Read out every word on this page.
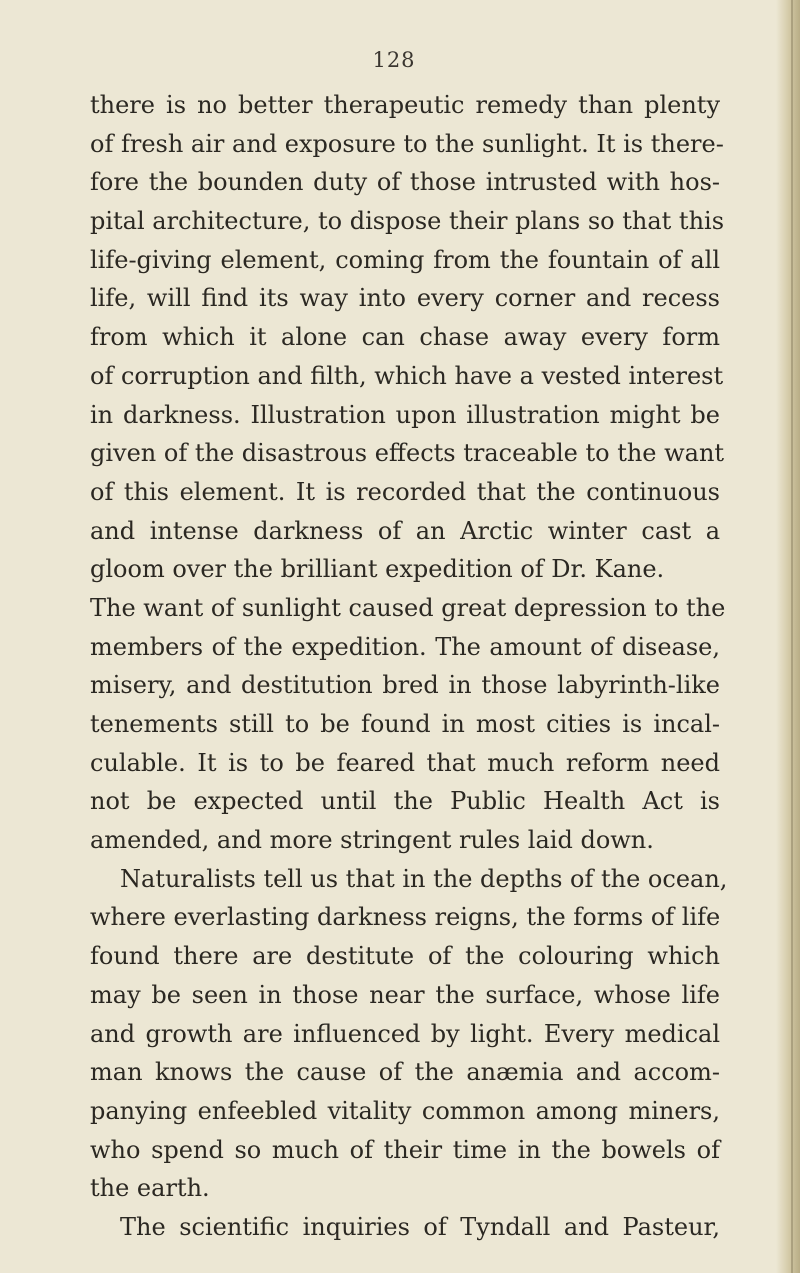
128
there is no better therapeutic remedy than plenty
of fresh air and exposure to the sunlight. It is there-
fore the bounden duty of those intrusted with hos-
pital architecture, to dispose their plans so that this
life-giving element, coming from the fountain of all
life, will find its way into every corner and recess
from which it alone can chase away every form
of corruption and filth, which have a vested interest
in darkness. Illustration upon illustration might be
given of the disastrous effects traceable to the want
of this element. It is recorded that the continuous
and intense darkness of an Arctic winter cast a
gloom over the brilliant expedition of Dr. Kane.
The want of sunlight caused great depression to the
members of the expedition. The amount of disease,
misery, and destitution bred in those labyrinth-like
tenements still to be found in most cities is incal-
culable. It is to be feared that much reform need
not be expected until the Public Health Act is
amended, and more stringent rules laid down.
Naturalists tell us that in the depths of the ocean,
where everlasting darkness reigns, the forms of life
found there are destitute of the colouring which
may be seen in those near the surface, whose life
and growth are influenced by light. Every medical
man knows the cause of the anæmia and accom-
panying enfeebled vitality common among miners,
who spend so much of their time in the bowels of
the earth.
The scientific inquiries of Tyndall and Pasteur,
